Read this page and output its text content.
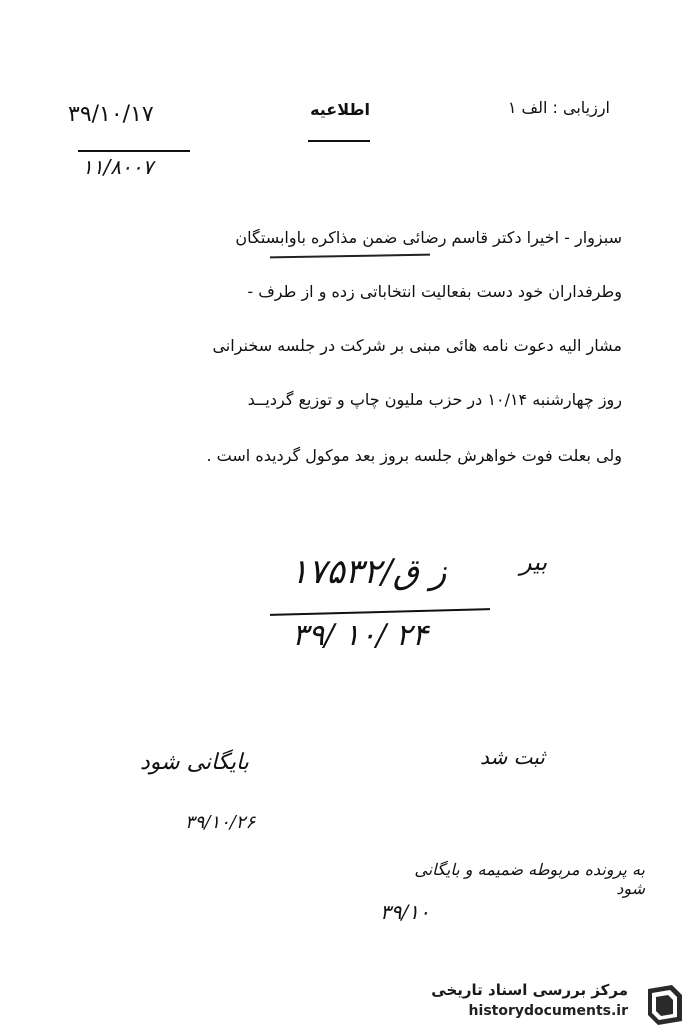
۳۹/۱۰/۱۷
۱۱/۸۰۰۷
اطلاعیه	ارزیابی : الف ۱
سبزوار - اخیرا دکتر قاسم رضائی ضمن مذاکره باوابستگان
وطرفداران خود دست بفعالیت انتخاباتی زده و از طرف -
مشار الیه دعوت نامه هائی مبنی بر شرکت در جلسه سخنرانی
روز چهارشنبه ۱۰/۱۴ در حزب ملیون چاپ و توزیع گردیــد
ولی بعلت فوت خواهرش جلسه بروز بعد موکول گردیده است .
بیر
۱۷۵۳۲/ز ق
۳۹/ ۱۰/ ۲۴
بایگانی شود
۳۹/۱۰/۲۶
ثبت شد
به پرونده مربوطه ضمیمه و بایگانی شود
۳۹/۱۰
مرکز بررسی اسناد تاریخی
historydocuments.ir
